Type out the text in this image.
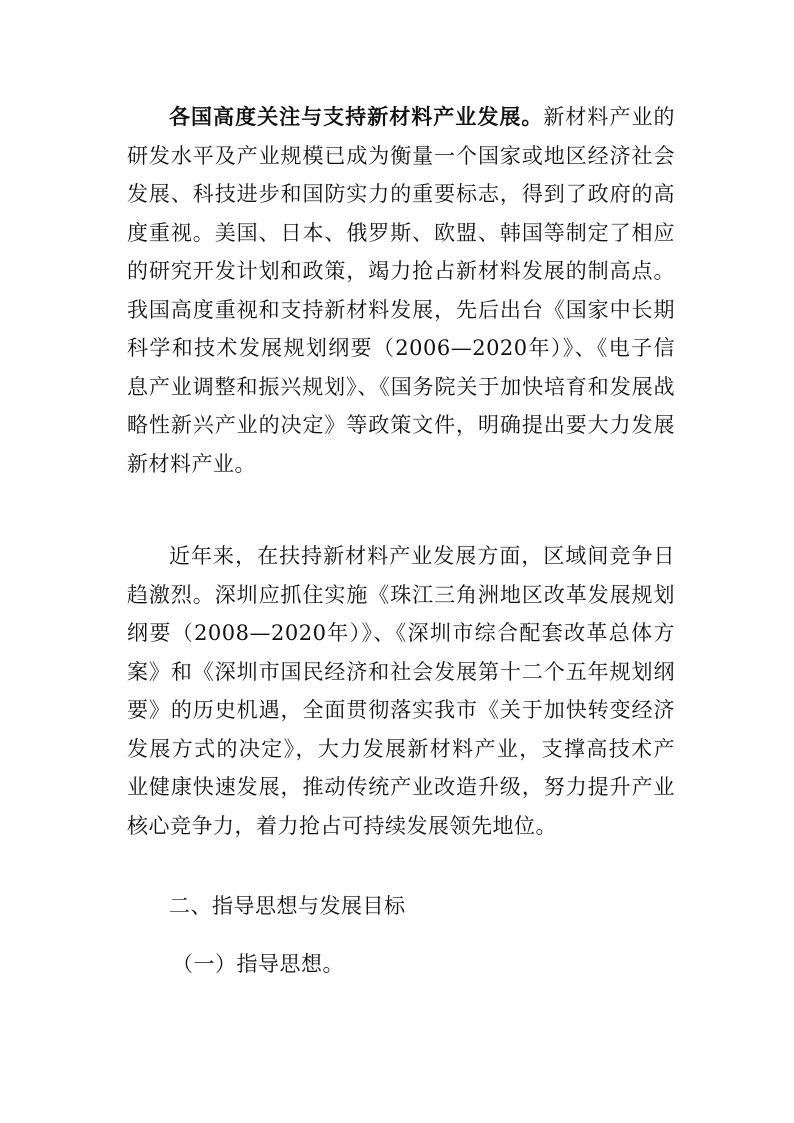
各国高度关注与支持新材料产业发展。新材料产业的研发水平及产业规模已成为衡量一个国家或地区经济社会发展、科技进步和国防实力的重要标志，得到了政府的高度重视。美国、日本、俄罗斯、欧盟、韩国等制定了相应的研究开发计划和政策，竭力抢占新材料发展的制高点。我国高度重视和支持新材料发展，先后出台《国家中长期科学和技术发展规划纲要（2006—2020年）》、《电子信息产业调整和振兴规划》、《国务院关于加快培育和发展战略性新兴产业的决定》等政策文件，明确提出要大力发展新材料产业。

近年来，在扶持新材料产业发展方面，区域间竞争日趋激烈。深圳应抓住实施《珠江三角洲地区改革发展规划纲要（2008—2020年）》、《深圳市综合配套改革总体方案》和《深圳市国民经济和社会发展第十二个五年规划纲要》的历史机遇，全面贯彻落实我市《关于加快转变经济发展方式的决定》，大力发展新材料产业，支撑高技术产业健康快速发展，推动传统产业改造升级，努力提升产业核心竞争力，着力抢占可持续发展领先地位。

二、指导思想与发展目标

（一）指导思想。
